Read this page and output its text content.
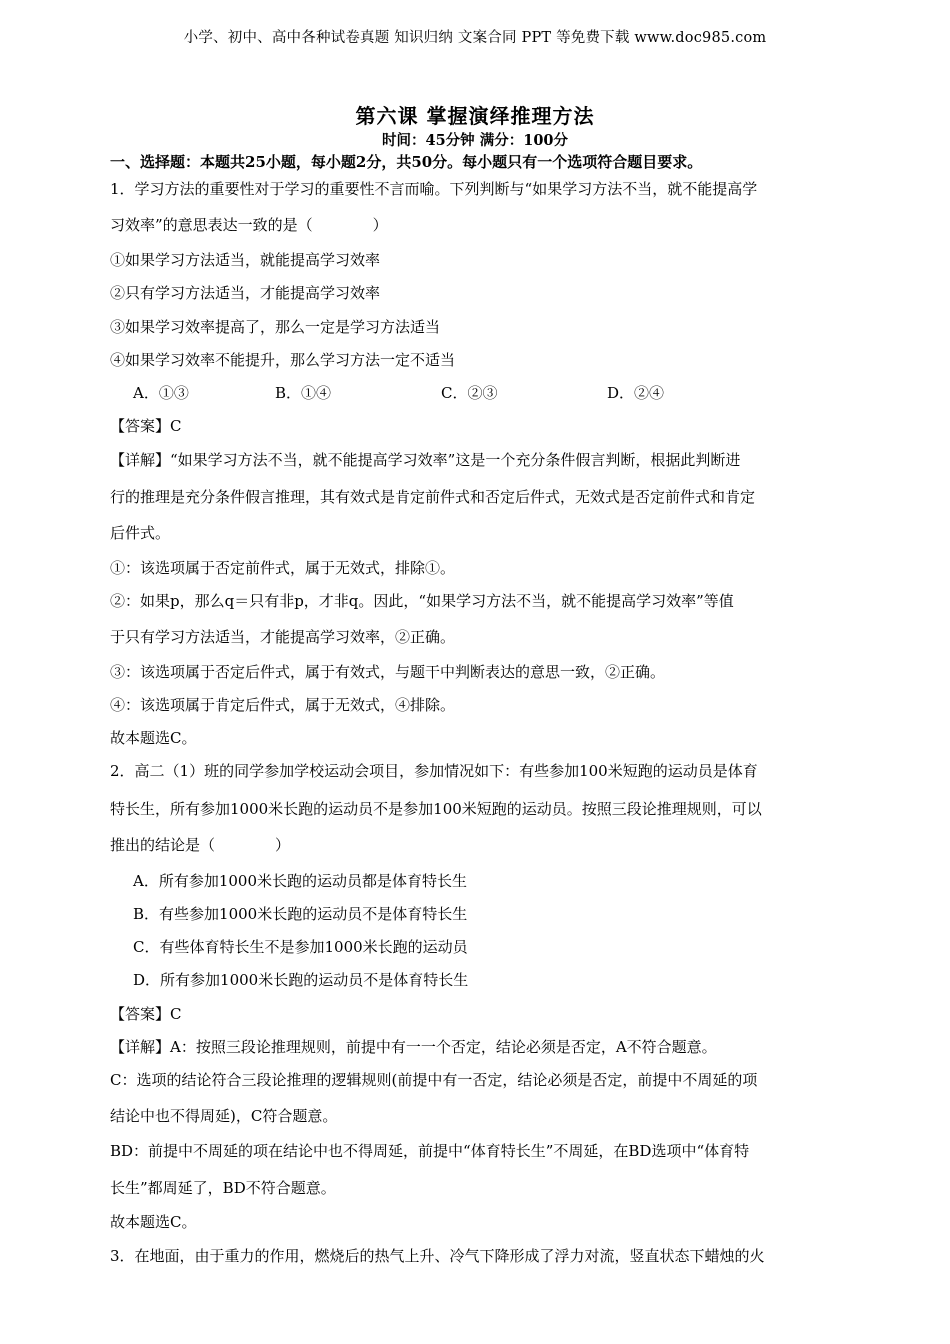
小学、初中、高中各种试卷真题 知识归纳 文案合同 PPT 等免费下载 www.doc985.com
第六课 掌握演绎推理方法
时间：45分钟 满分：100分
一、选择题：本题共25小题，每小题2分，共50分。每小题只有一个选项符合题目要求。
1．学习方法的重要性对于学习的重要性不言而喻。下列判断与“如果学习方法不当，就不能提高学
习效率”的意思表达一致的是（　　　　）
①如果学习方法适当，就能提高学习效率
②只有学习方法适当，才能提高学习效率
③如果学习效率提高了，那么一定是学习方法适当
④如果学习效率不能提升，那么学习方法一定不适当
A．①③	B．①④	C．②③	D．②④
【答案】C
【详解】“如果学习方法不当，就不能提高学习效率”这是一个充分条件假言判断，根据此判断进
行的推理是充分条件假言推理，其有效式是肯定前件式和否定后件式，无效式是否定前件式和肯定
后件式。
①：该选项属于否定前件式，属于无效式，排除①。
②：如果p，那么q＝只有非p，才非q。因此，“如果学习方法不当，就不能提高学习效率”等值
于只有学习方法适当，才能提高学习效率，②正确。
③：该选项属于否定后件式，属于有效式，与题干中判断表达的意思一致，②正确。
④：该选项属于肯定后件式，属于无效式，④排除。
故本题选C。
2．高二（1）班的同学参加学校运动会项目，参加情况如下：有些参加100米短跑的运动员是体育
特长生，所有参加1000米长跑的运动员不是参加100米短跑的运动员。按照三段论推理规则，可以
推出的结论是（　　　　）
A．所有参加1000米长跑的运动员都是体育特长生
B．有些参加1000米长跑的运动员不是体育特长生
C．有些体育特长生不是参加1000米长跑的运动员
D．所有参加1000米长跑的运动员不是体育特长生
【答案】C
【详解】A：按照三段论推理规则，前提中有一一个否定，结论必须是否定，A不符合题意。
C：选项的结论符合三段论推理的逻辑规则(前提中有一否定，结论必须是否定，前提中不周延的项
结论中也不得周延)，C符合题意。
BD：前提中不周延的项在结论中也不得周延，前提中“体育特长生”不周延，在BD选项中“体育特
长生”都周延了，BD不符合题意。
故本题选C。
3．在地面，由于重力的作用，燃烧后的热气上升、冷气下降形成了浮力对流，竖直状态下蜡烛的火
